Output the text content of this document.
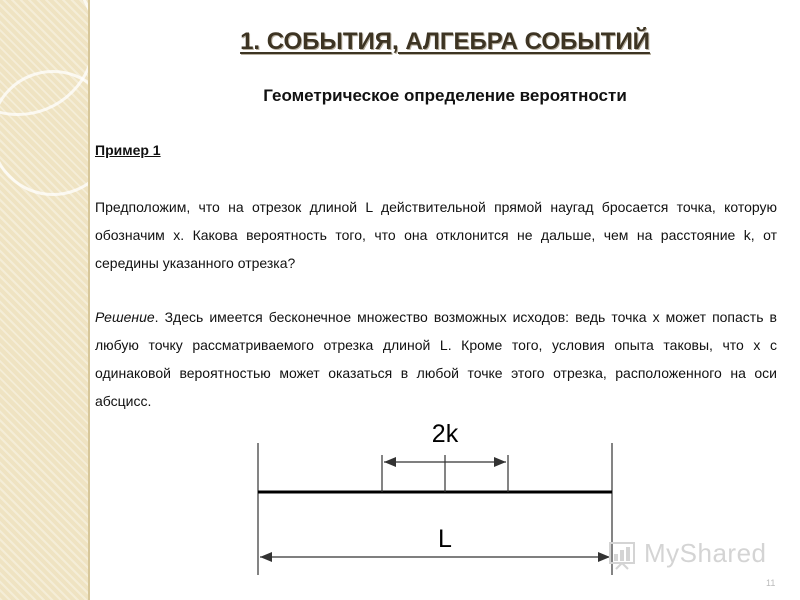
1. СОБЫТИЯ, АЛГЕБРА СОБЫТИЙ
Геометрическое определение вероятности
Пример 1
Предположим, что на отрезок длиной L действительной прямой наугад бросается точка, которую обозначим x. Какова вероятность того, что она отклонится не дальше, чем на расстояние k, от середины указанного отрезка?
Решение. Здесь имеется бесконечное множество возможных исходов: ведь точка x может попасть в любую точку рассматриваемого отрезка длиной L. Кроме того, условия опыта таковы, что x с одинаковой вероятностью может оказаться в любой точке этого отрезка, расположенного на оси абсцисс.
2k
L	MyShared
11
